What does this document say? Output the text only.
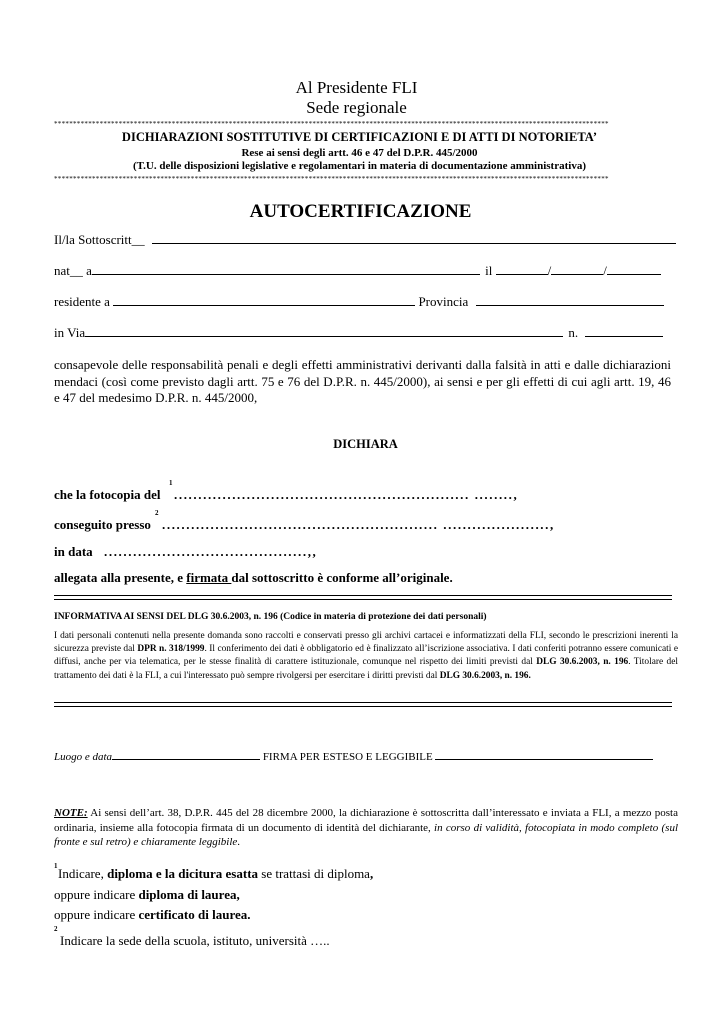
Al Presidente FLI
Sede regionale
**************************************************************************************************************************************************
DICHIARAZIONI SOSTITUTIVE DI CERTIFICAZIONI E DI ATTI DI NOTORIETA’
Rese ai sensi degli artt. 46 e 47 del D.P.R. 445/2000
(T.U. delle disposizioni legislative e regolamentari in materia di documentazione amministrativa)
**************************************************************************************************************************************************
AUTOCERTIFICAZIONE
Il/la Sottoscritt__
nat__ a	il	/	/
residente a	Provincia
in Via	n.
consapevole delle responsabilità penali e degli effetti amministrativi derivanti dalla falsità in atti e dalle dichiarazioni mendaci (così come previsto dagli artt. 75 e 76 del D.P.R. n. 445/2000), ai sensi e per gli effetti di cui agli artt. 19, 46 e 47 del medesimo D.P.R. n. 445/2000,
DICHIARA
che la fotocopia del
1
............................................................. ........,
conseguito presso
2
......................................................... ......................,
in data ..........................................,,
allegata alla presente, e firmata dal sottoscritto è conforme all’originale.
INFORMATIVA AI SENSI DEL DLG 30.6.2003, n. 196 (Codice in materia di protezione dei dati personali)
I dati personali contenuti nella presente domanda sono raccolti e conservati presso gli archivi cartacei e informatizzati della FLI, secondo le prescrizioni inerenti la sicurezza previste dal DPR n. 318/1999. Il conferimento dei dati è obbligatorio ed è finalizzato all’iscrizione associativa. I dati conferiti potranno essere comunicati e diffusi, anche per via telematica, per le stesse finalità di carattere istituzionale, comunque nel rispetto dei limiti previsti dal DLG 30.6.2003, n. 196. Titolare del trattamento dei dati è la FLI, a cui l'interessato può sempre rivolgersi per esercitare i diritti previsti dal DLG 30.6.2003, n. 196.
Luogo e data	FIRMA PER ESTESO E LEGGIBILE
NOTE: Ai sensi dell’art. 38, D.P.R. 445 del 28 dicembre 2000, la dichiarazione è sottoscritta dall’interessato e inviata a FLI, a mezzo posta ordinaria, insieme alla fotocopia firmata di un documento di identità del dichiarante, in corso di validità, fotocopiata in modo completo (sul fronte e sul retro) e chiaramente leggibile.
1 Indicare, diploma e la dicitura esatta se trattasi di diploma,
oppure indicare diploma di laurea,
oppure indicare certificato di laurea.
2
Indicare la sede della scuola, istituto, università …..
